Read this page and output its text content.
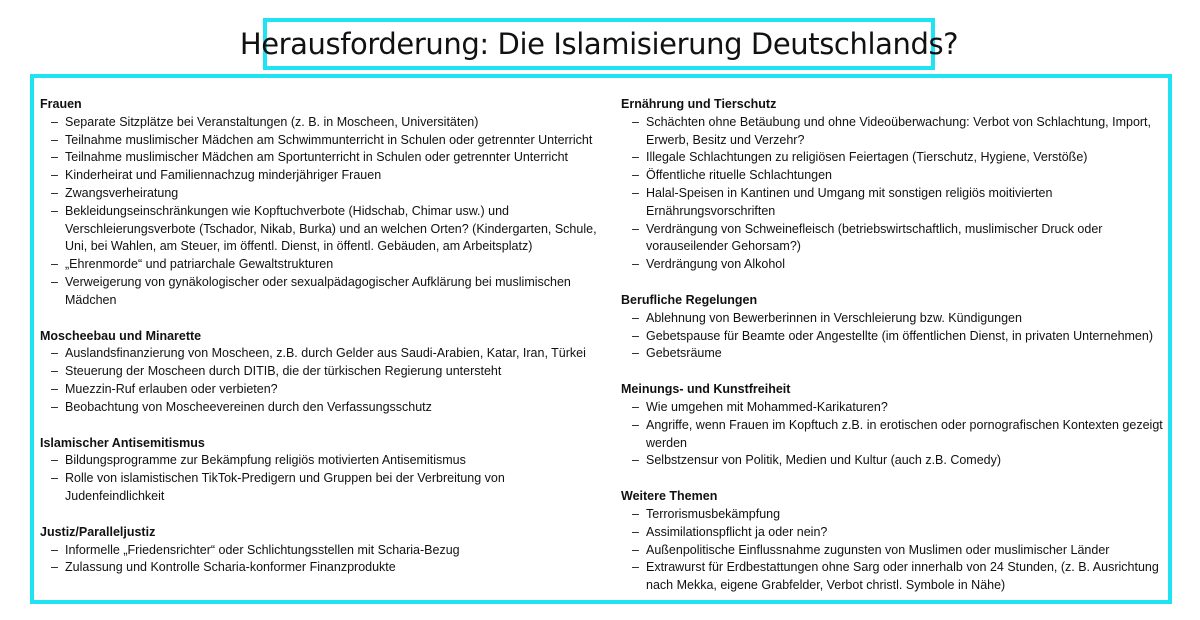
Herausforderung: Die Islamisierung Deutschlands?
Frauen
– Separate Sitzplätze bei Veranstaltungen (z. B. in Moscheen, Universitäten)
– Teilnahme muslimischer Mädchen am Schwimmunterricht in Schulen oder getrennter Unterricht
– Teilnahme muslimischer Mädchen am Sportunterricht in Schulen oder getrennter Unterricht
– Kinderheirat und Familiennachzug minderjähriger Frauen
– Zwangsverheiratung
– Bekleidungseinschränkungen wie Kopftuchverbote (Hidschab, Chimar usw.) und Verschleierungsverbote (Tschador, Nikab, Burka) und an welchen Orten? (Kindergarten, Schule, Uni, bei Wahlen, am Steuer, im öffentl. Dienst, in öffentl. Gebäuden, am Arbeitsplatz)
– „Ehrenmorde“ und patriarchale Gewaltstrukturen
– Verweigerung von gynäkologischer oder sexualpädagogischer Aufklärung bei muslimischen Mädchen
Moscheebau und Minarette
– Auslandsfinanzierung von Moscheen, z.B. durch Gelder aus Saudi-Arabien, Katar, Iran, Türkei
– Steuerung der Moscheen durch DITIB, die der türkischen Regierung untersteht
– Muezzin-Ruf erlauben oder verbieten?
– Beobachtung von Moscheevereinen durch den Verfassungsschutz
Islamischer Antisemitismus
– Bildungsprogramme zur Bekämpfung religiös motivierten Antisemitismus
– Rolle von islamistischen TikTok-Predigern und Gruppen bei der Verbreitung von Judenfeindlichkeit
Justiz/Paralleljustiz
– Informelle „Friedensrichter“ oder Schlichtungsstellen mit Scharia-Bezug
– Zulassung und Kontrolle Scharia-konformer Finanzprodukte
Ernährung und Tierschutz
– Schächten ohne Betäubung und ohne Videoüberwachung: Verbot von Schlachtung, Import, Erwerb, Besitz und Verzehr?
– Illegale Schlachtungen zu religiösen Feiertagen (Tierschutz, Hygiene, Verstöße)
– Öffentliche rituelle Schlachtungen
– Halal-Speisen in Kantinen und Umgang mit sonstigen religiös moitivierten Ernährungsvorschriften
– Verdrängung von Schweinefleisch (betriebswirtschaftlich, muslimischer Druck oder vorauseilender Gehorsam?)
– Verdrängung von Alkohol
Berufliche Regelungen
– Ablehnung von Bewerberinnen in Verschleierung bzw. Kündigungen
– Gebetspause für Beamte oder Angestellte (im öffentlichen Dienst, in privaten Unternehmen)
– Gebetsräume
Meinungs- und Kunstfreiheit
– Wie umgehen mit Mohammed-Karikaturen?
– Angriffe, wenn Frauen im Kopftuch z.B. in erotischen oder pornografischen Kontexten gezeigt werden
– Selbstzensur von Politik, Medien und Kultur (auch z.B. Comedy)
Weitere Themen
– Terrorismusbekämpfung
– Assimilationspflicht ja oder nein?
– Außenpolitische Einflussnahme zugunsten von Muslimen oder muslimischer Länder
– Extrawurst für Erdbestattungen ohne Sarg oder innerhalb von 24 Stunden, (z. B. Ausrichtung nach Mekka, eigene Grabfelder, Verbot christl. Symbole in Nähe)
